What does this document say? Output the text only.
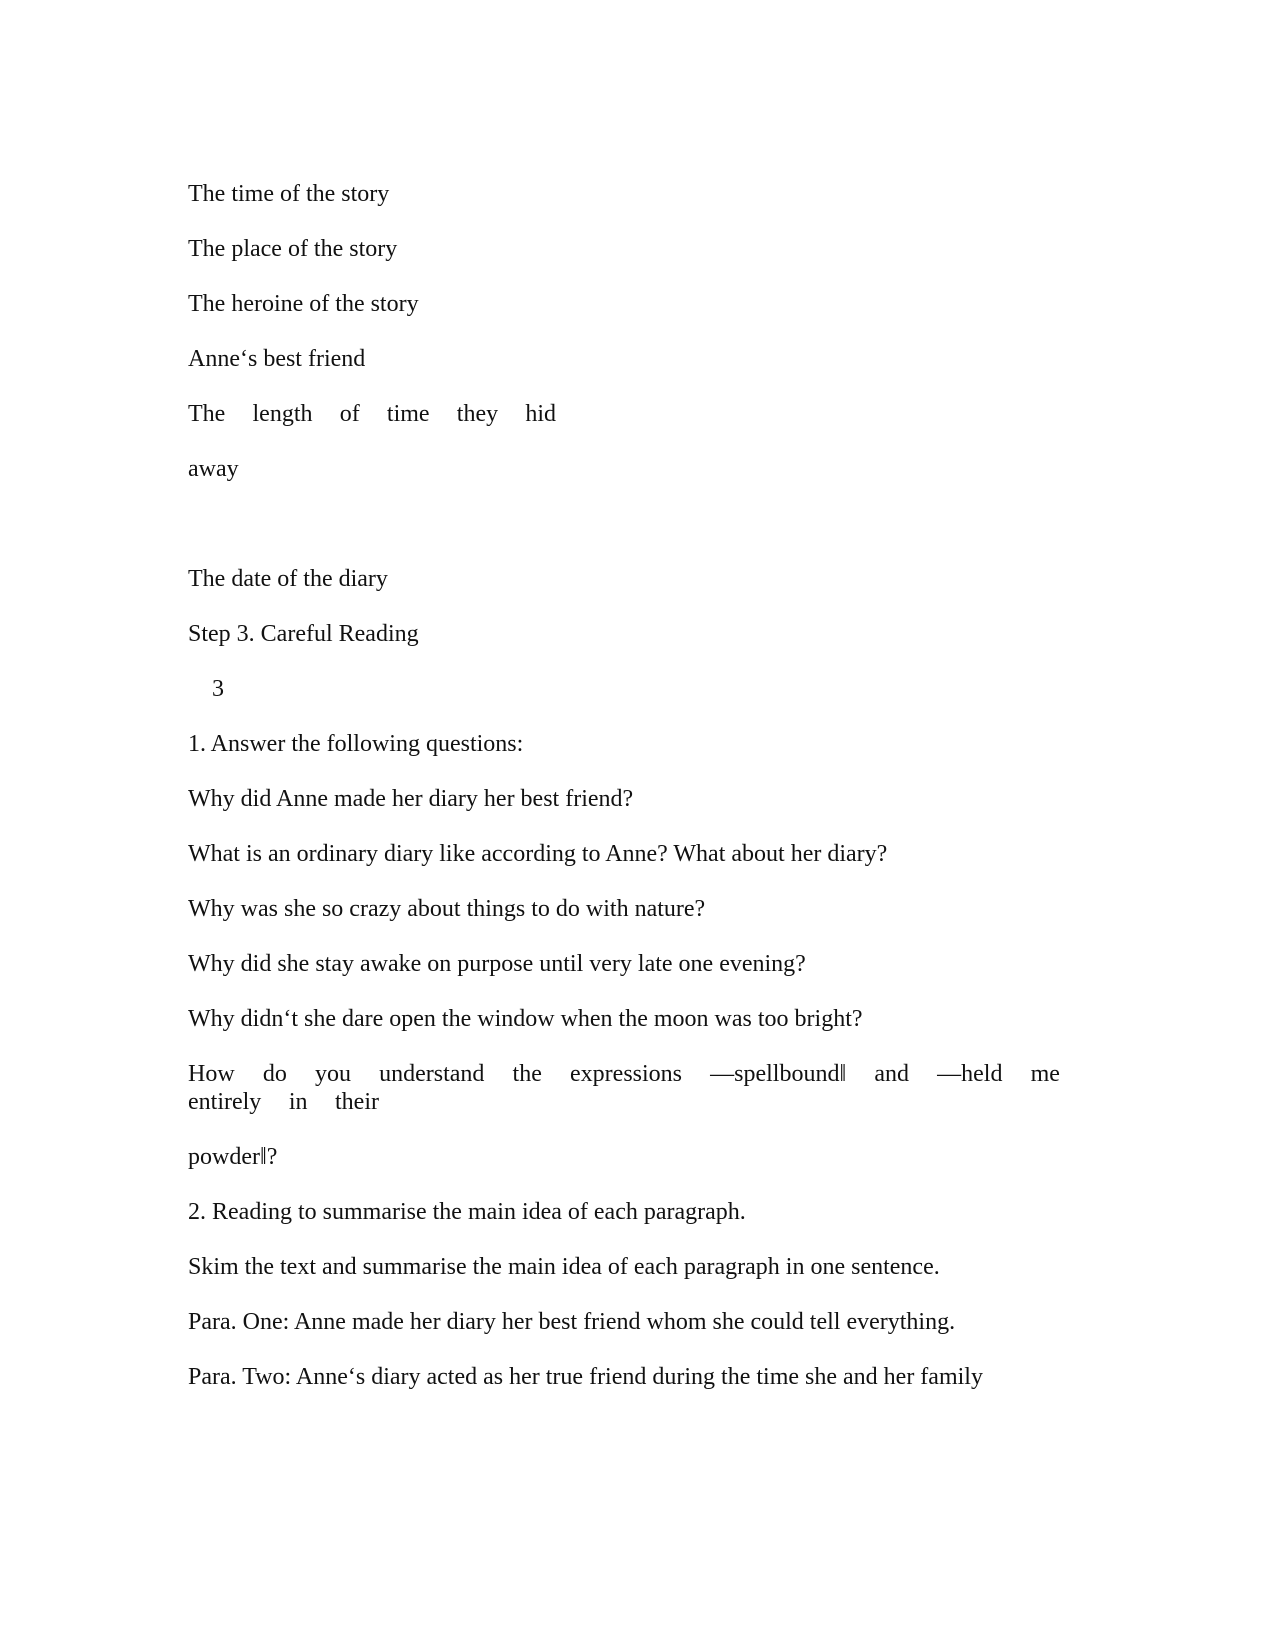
The time of the story
The place of the story
The heroine of the story
Anne‘s best friend
The length of time they hid
away
The date of the diary
Step 3. Careful Reading
3
1. Answer the following questions:
Why did Anne made her diary her best friend?
What is an ordinary diary like according to Anne? What about her diary?
Why was she so crazy about things to do with nature?
Why did she stay awake on purpose until very late one evening?
Why didn‘t she dare open the window when the moon was too bright?
How do you understand the expressions —spellbound‖ and —held me
entirely in their
powder‖?
2. Reading to summarise the main idea of each paragraph.
Skim the text and summarise the main idea of each paragraph in one sentence.
Para. One: Anne made her diary her best friend whom she could tell everything.
Para. Two: Anne‘s diary acted as her true friend during the time she and her family
